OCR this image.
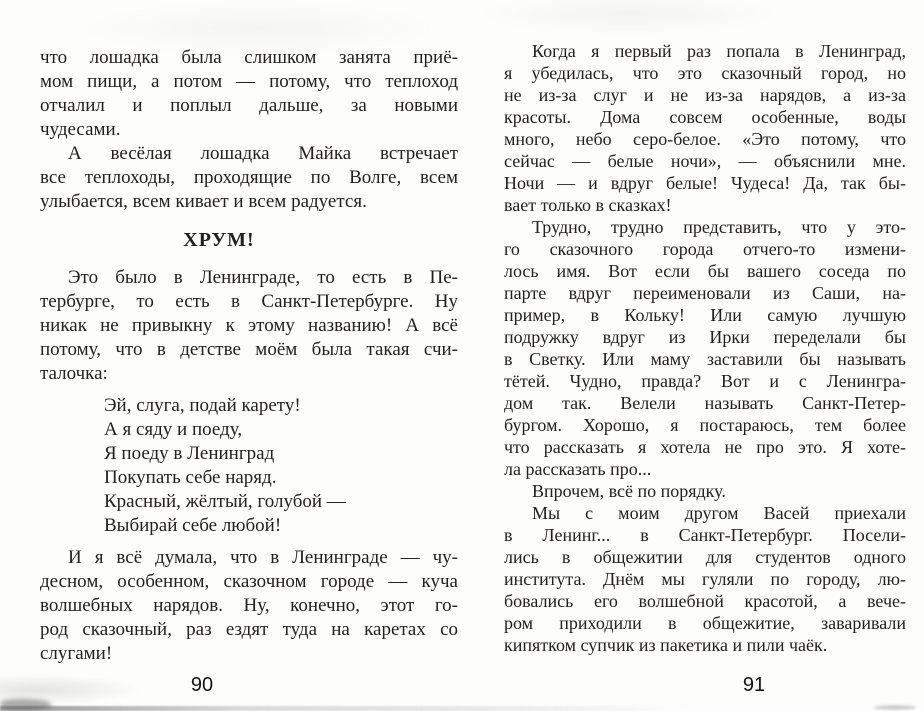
что лошадка была слишком занята приё-
мом пищи, а потом — потому, что теплоход
отчалил и поплыл дальше, за новыми
чудесами.
А весёлая лошадка Майка встречает
все теплоходы, проходящие по Волге, всем
улыбается, всем кивает и всем радуется.
ХРУМ!
Это было в Ленинграде, то есть в Пе-
тербурге, то есть в Санкт-Петербурге. Ну
никак не привыкну к этому названию! А всё
потому, что в детстве моём была такая счи-
талочка:
Эй, слуга, подай карету!
А я сяду и поеду,
Я поеду в Ленинград
Покупать себе наряд.
Красный, жёлтый, голубой —
Выбирай себе любой!
И я всё думала, что в Ленинграде — чу-
десном, особенном, сказочном городе — куча
волшебных нарядов. Ну, конечно, этот го-
род сказочный, раз ездят туда на каретах со
слугами!
Когда я первый раз попала в Ленинград,
я убедилась, что это сказочный город, но
не из-за слуг и не из-за нарядов, а из-за
красоты. Дома совсем особенные, воды
много, небо серо-белое. «Это потому, что
сейчас — белые ночи», — объяснили мне.
Ночи — и вдруг белые! Чудеса! Да, так бы-
вает только в сказках!
Трудно, трудно представить, что у это-
го сказочного города отчего-то измени-
лось имя. Вот если бы вашего соседа по
парте вдруг переименовали из Саши, на-
пример, в Кольку! Или самую лучшую
подружку вдруг из Ирки переделали бы
в Светку. Или маму заставили бы называть
тётей. Чудно, правда? Вот и с Ленингра-
дом так. Велели называть Санкт-Петер-
бургом. Хорошо, я постараюсь, тем более
что рассказать я хотела не про это. Я хоте-
ла рассказать про...
Впрочем, всё по порядку.
Мы с моим другом Васей приехали
в Ленинг... в Санкт-Петербург. Посели-
лись в общежитии для студентов одного
института. Днём мы гуляли по городу, лю-
бовались его волшебной красотой, а вече-
ром приходили в общежитие, заваривали
кипятком супчик из пакетика и пили чаёк.
90	91
